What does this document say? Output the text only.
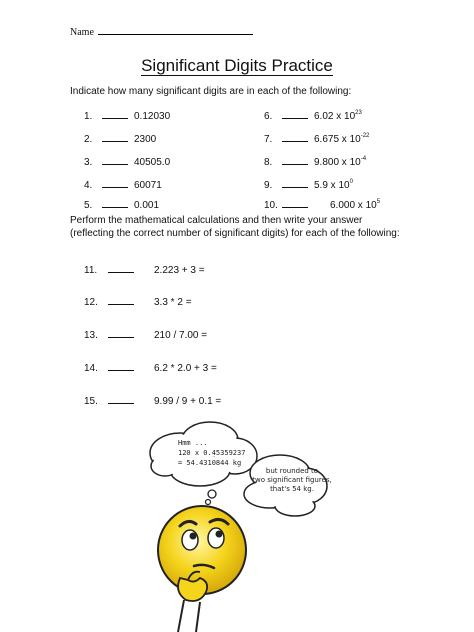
Name
Significant Digits Practice
Indicate how many significant digits are in each of the following:
1.	0.12030
2.	2300
3.	40505.0
4.	60071
5.	0.001
6.	6.02 x $10^{23}$
7.	6.675 x $10^{-22}$
8.	9.800 x $10^{-4}$
9.	5.9 x $10^0$
10.	6.000 x $10^5$
Perform the mathematical calculations and then write your answer (reflecting the correct number of significant digits) for each of the following:
11.	2.223 + 3 =
12.	3.3 * 2 =
13.	210 / 7.00 =
14.	6.2 * 2.0 + 3 =
15.	9.99 / 9 + 0.1 =
Hmm ...
120 x 0.45359237
= 54.4310844 kg
but rounded to
two significant figures,
that's 54 kg.
